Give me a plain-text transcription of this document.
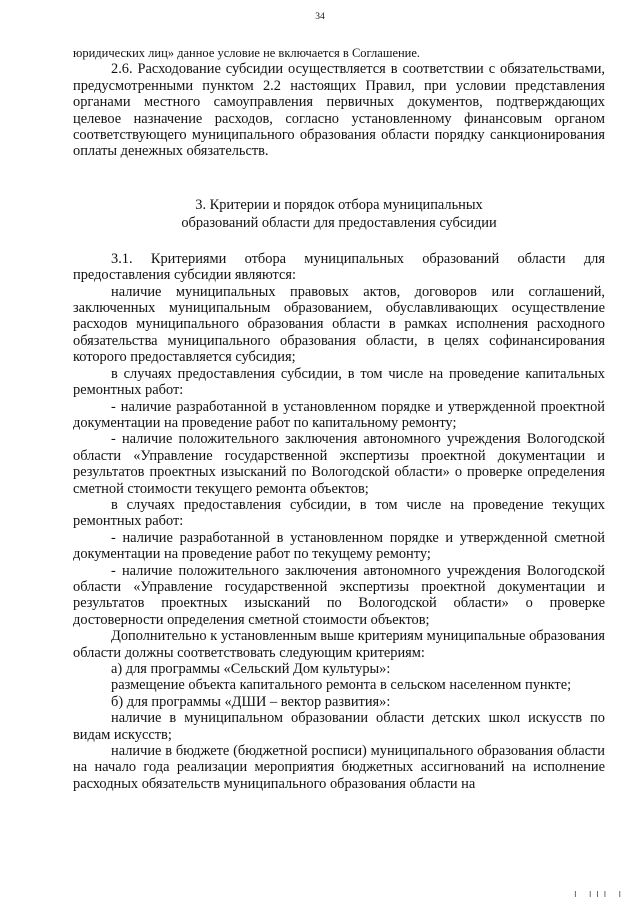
34

юридических лиц» данное условие не включается в Соглашение.

2.6. Расходование субсидии осуществляется в соответствии с обязательствами, предусмотренными пунктом 2.2 настоящих Правил, при условии представления органами местного самоуправления первичных документов, подтверждающих целевое назначение расходов, согласно установленному финансовым органом соответствующего муниципального образования области порядку санкционирования оплаты денежных обязательств.

3. Критерии и порядок отбора муниципальных
образований области для предоставления субсидии

3.1. Критериями отбора муниципальных образований области для предоставления субсидии являются:

наличие муниципальных правовых актов, договоров или соглашений, заключенных муниципальным образованием, обуславливающих осуществление расходов муниципального образования области в рамках исполнения расходного обязательства муниципального образования области, в целях софинансирования которого предоставляется субсидия;

в случаях предоставления субсидии, в том числе на проведение капитальных ремонтных работ:

- наличие разработанной в установленном порядке и утвержденной проектной документации на проведение работ по капитальному ремонту;

- наличие положительного заключения автономного учреждения Вологодской области «Управление государственной экспертизы проектной документации и результатов проектных изысканий по Вологодской области» о проверке определения сметной стоимости текущего ремонта объектов;

в случаях предоставления субсидии, в том числе на проведение текущих ремонтных работ:

- наличие разработанной в установленном порядке и утвержденной сметной документации на проведение работ по текущему ремонту;

- наличие положительного заключения автономного учреждения Вологодской области «Управление государственной экспертизы проектной документации и результатов проектных изысканий по Вологодской области» о проверке достоверности определения сметной стоимости объектов;

Дополнительно к установленным выше критериям муниципальные образования области должны соответствовать следующим критериям:

а) для программы «Сельский Дом культуры»:

размещение объекта капитального ремонта в сельском населенном пункте;

б) для программы «ДШИ – вектор развития»:

наличие в муниципальном образовании области детских школ искусств по видам искусств;

наличие в бюджете (бюджетной росписи) муниципального образования области на начало года реализации мероприятия бюджетных ассигнований на исполнение расходных обязательств муниципального образования области на

I III I
